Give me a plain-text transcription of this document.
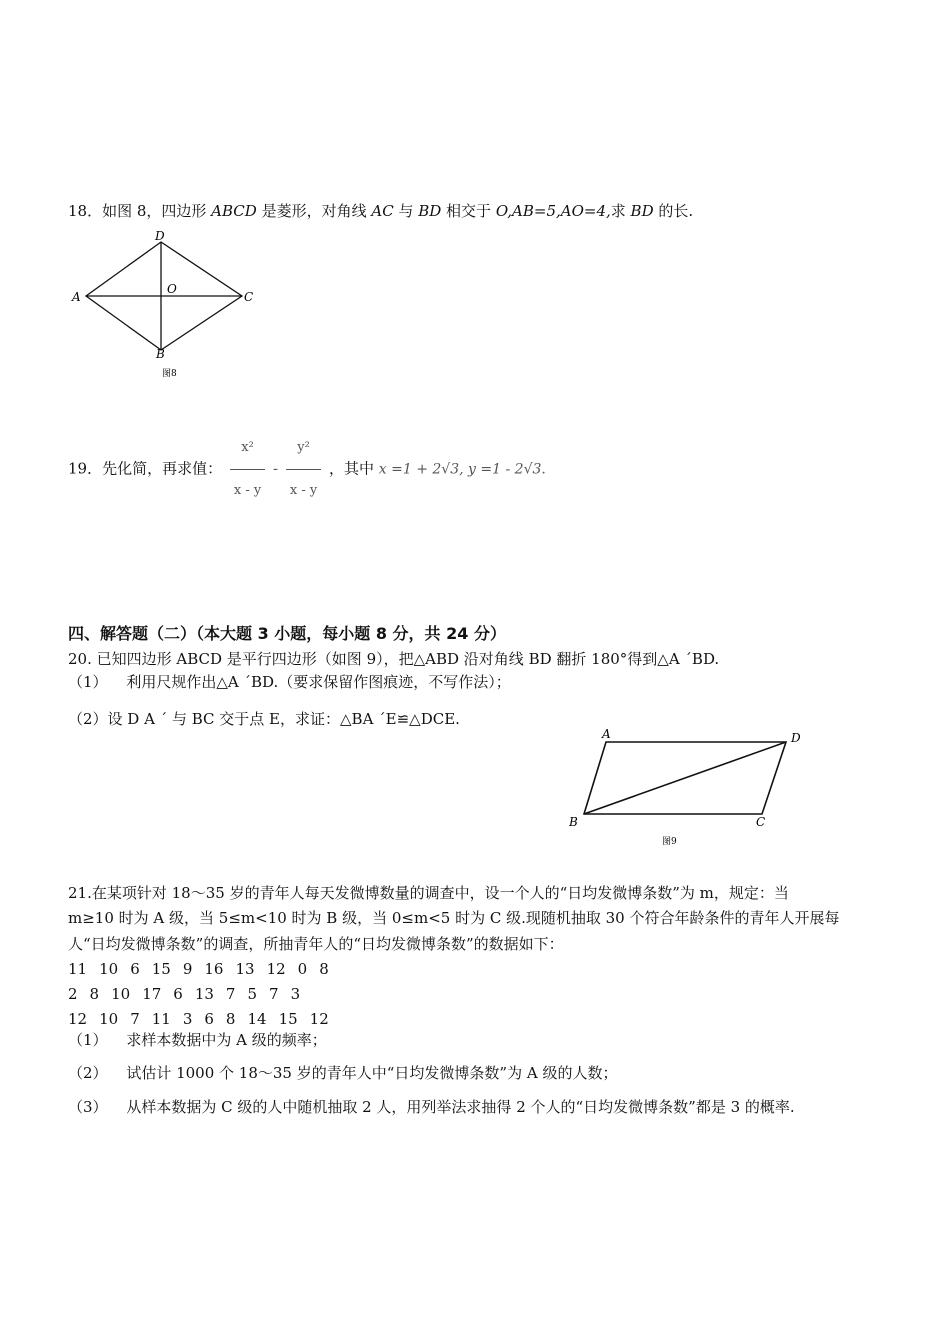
18．如图 8，四边形 ABCD 是菱形，对角线 AC 与 BD 相交于 O,AB=5,AO=4,求 BD 的长.
D
B
A	C
O
图8
19．先化简，再求值： $\frac{\text{x²}}{x - y} - \frac{\text{y²}}{x - y}$ ，其中 x =1 + 2√3, y =1 - 2√3.
四、解答题（二）（本大题 3 小题，每小题 8 分，共 24 分）
20. 已知四边形 ABCD 是平行四边形（如图 9），把△ABD 沿对角线 BD 翻折 180°得到△A ´BD.
（1） 利用尺规作出△A ´BD.（要求保留作图痕迹，不写作法）；
（2）设 D A ´ 与 BC 交于点 E，求证：△BA ´E≌△DCE.
A	D
B	C
图9
21.在某项针对 18～35 岁的青年人每天发微博数量的调查中，设一个人的“日均发微博条数”为 m，规定：当
m≥10 时为 A 级，当 5≤m<10 时为 B 级，当 0≤m<5 时为 C 级.现随机抽取 30 个符合年龄条件的青年人开展每
人“日均发微博条数”的调查，所抽青年人的“日均发微博条数”的数据如下：
11 10 6 15 9 16 13 12 0 8
2 8 10 17 6 13 7 5 7 3
12 10 7 11 3 6 8 14 15 12
（1） 求样本数据中为 A 级的频率；
（2） 试估计 1000 个 18～35 岁的青年人中“日均发微博条数”为 A 级的人数；
（3） 从样本数据为 C 级的人中随机抽取 2 人，用列举法求抽得 2 个人的“日均发微博条数”都是 3 的概率.
